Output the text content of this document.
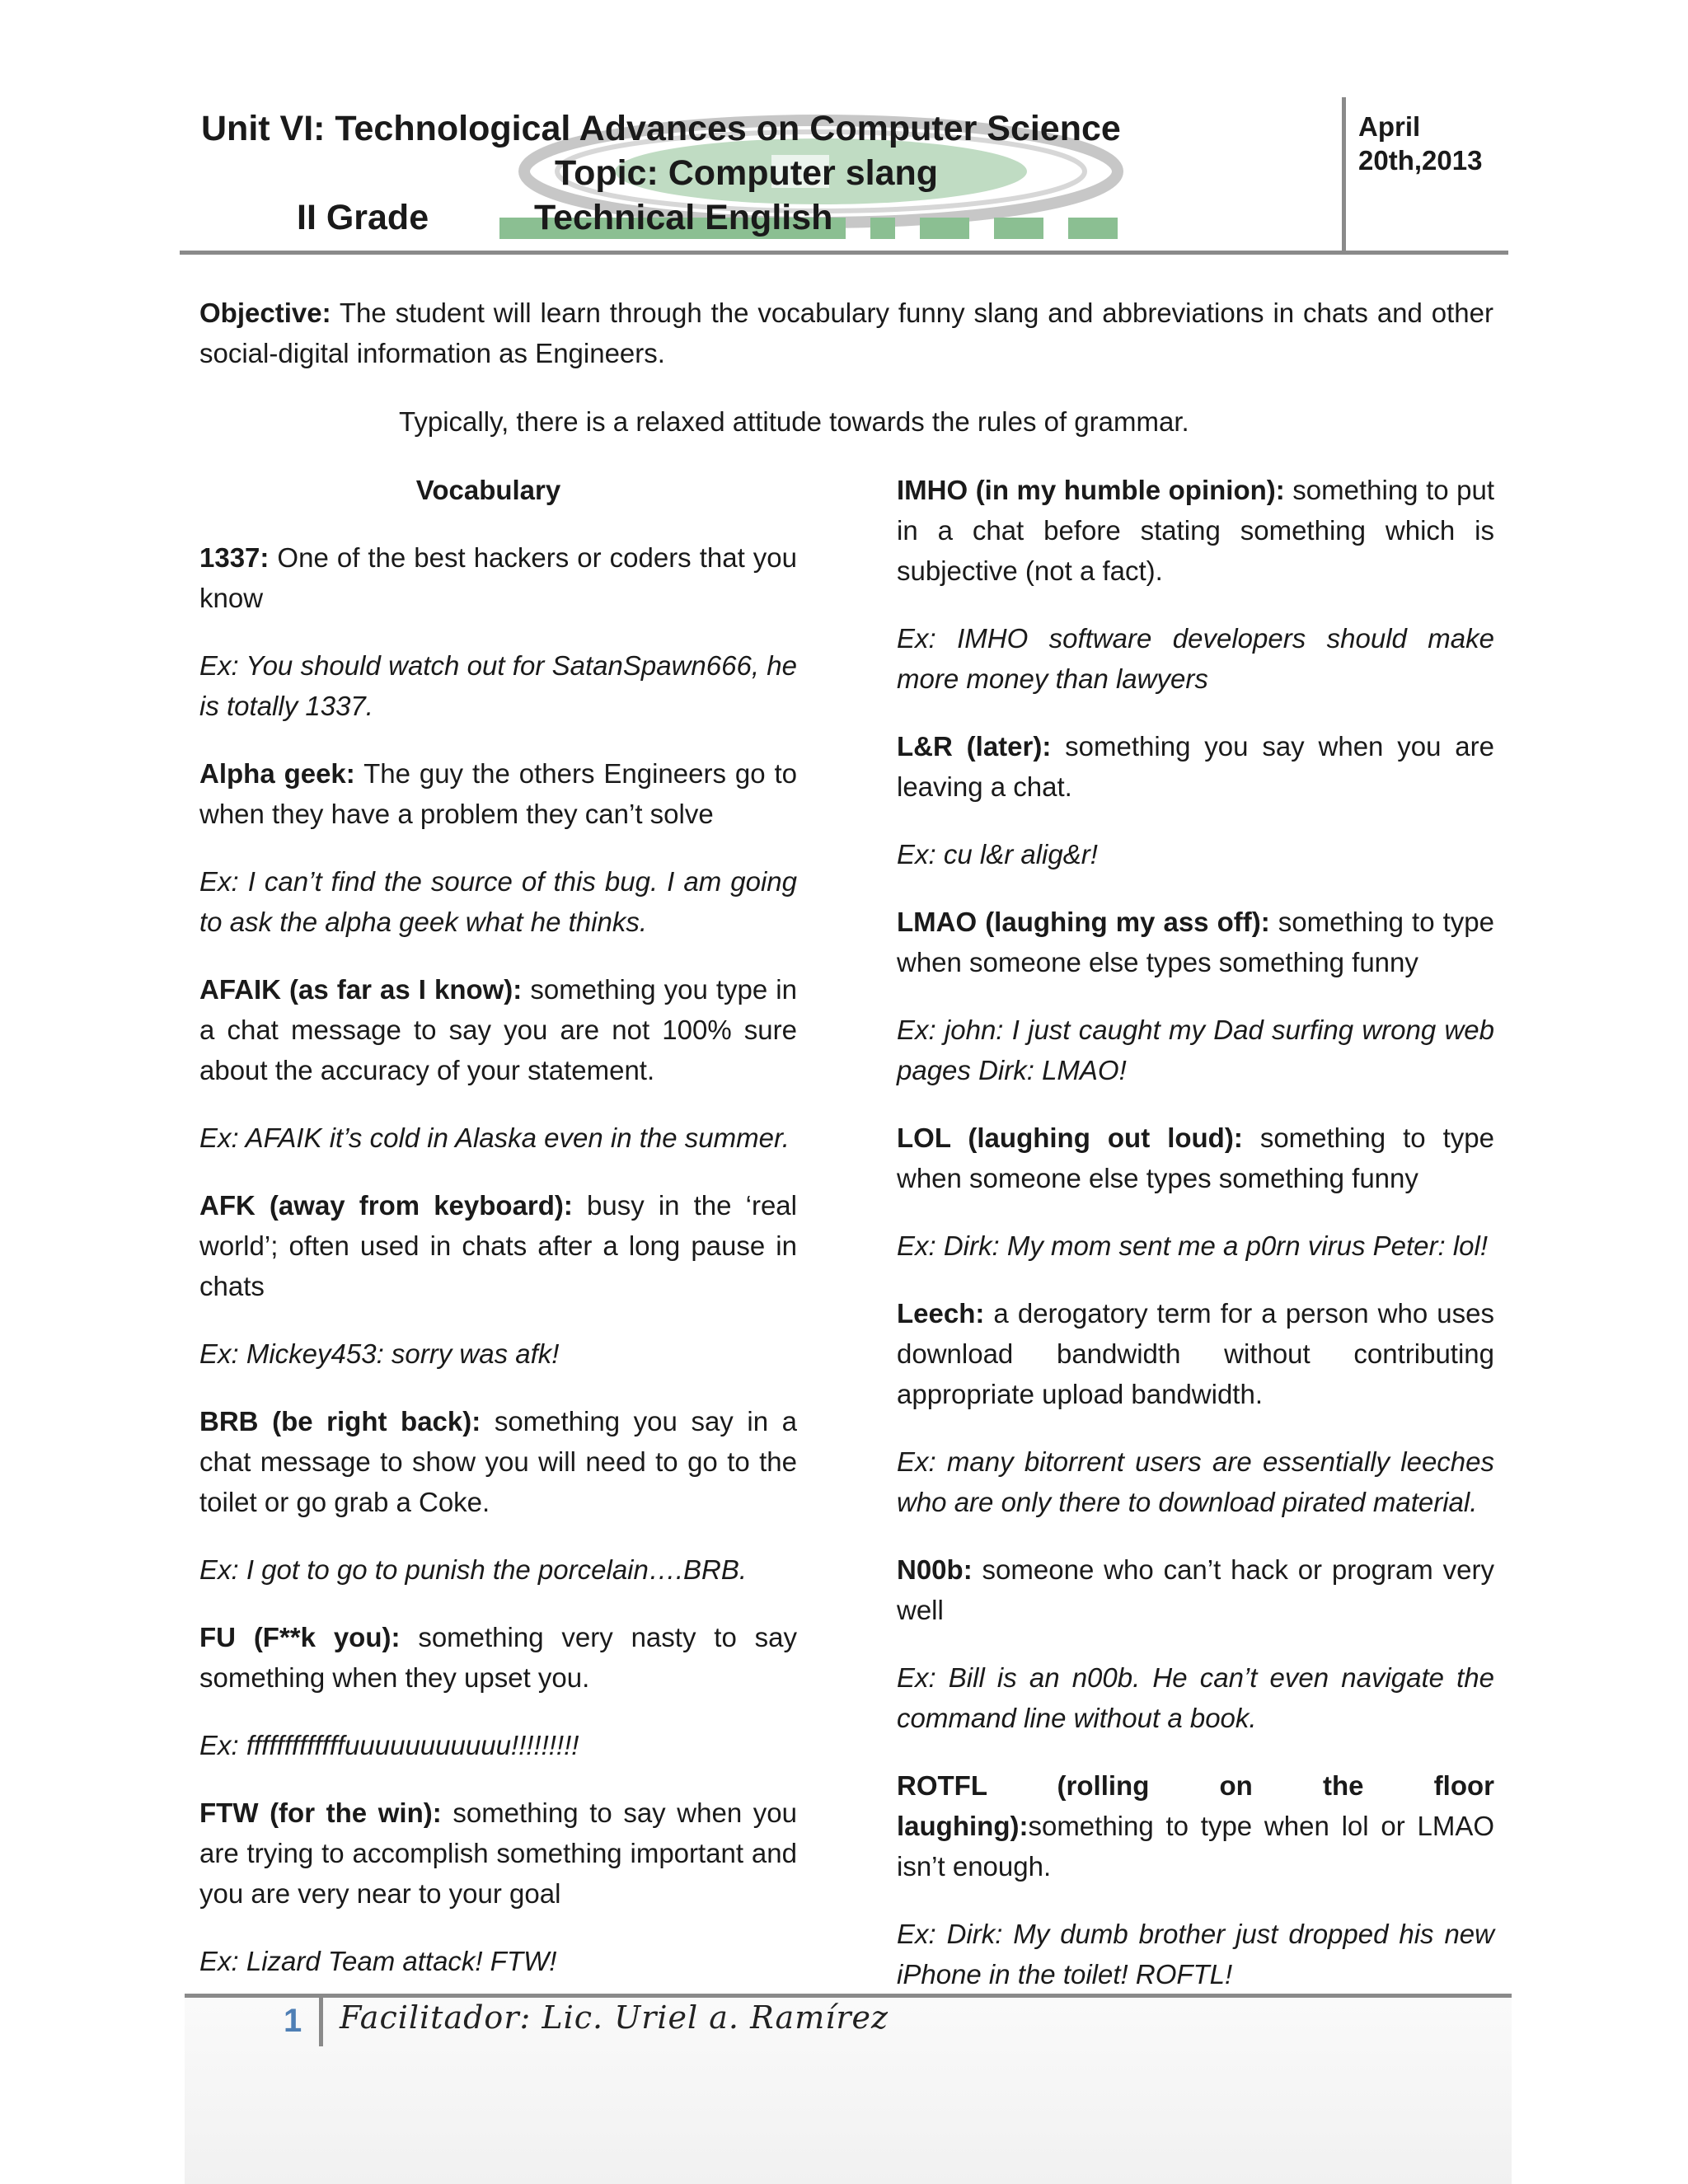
Unit VI: Technological Advances on Computer Science
Topic: Computer slang
II Grade	Technical English
April
20th,2013
Objective: The student will learn through the vocabulary funny slang and abbreviations in chats and other social-digital information as Engineers.
Typically, there is a relaxed attitude towards the rules of grammar.

Vocabulary

1337: One of the best hackers or coders that you know

Ex: You should watch out for SatanSpawn666, he is totally 1337.

Alpha geek: The guy the others Engineers go to when they have a problem they can’t solve

Ex: I can’t find the source of this bug. I am going to ask the alpha geek what he thinks.

AFAIK (as far as I know): something you type in a chat message to say you are not 100% sure about the accuracy of your statement.

Ex: AFAIK it’s cold in Alaska even in the summer.

AFK (away from keyboard): busy in the ‘real world’; often used in chats after a long pause in chats

Ex: Mickey453: sorry was afk!

BRB (be right back): something you say in a chat message to show you will need to go to the toilet or go grab a Coke.

Ex: I got to go to punish the porcelain….BRB.

FU (F**k you): something very nasty to say something when they upset you.

Ex: fffffffffffffuuuuuuuuuuu!!!!!!!!!

FTW (for the win): something to say when you are trying to accomplish something important and you are very near to your goal

Ex: Lizard Team attack! FTW!

IMHO (in my humble opinion): something to put in a chat before stating something which is subjective (not a fact).

Ex: IMHO software developers should make more money than lawyers

L&R (later): something you say when you are leaving a chat.

Ex: cu l&r alig&r!

LMAO (laughing my ass off): something to type when someone else types something funny

Ex: john: I just caught my Dad surfing wrong web pages Dirk: LMAO!

LOL (laughing out loud): something to type when someone else types something funny

Ex: Dirk: My mom sent me a p0rn virus Peter: lol!

Leech: a derogatory term for a person who uses download bandwidth without contributing appropriate upload bandwidth.

Ex: many bitorrent users are essentially leeches who are only there to download pirated material.

N00b: someone who can’t hack or program very well

Ex: Bill is an n00b. He can’t even navigate the command line without a book.

ROTFL (rolling on the floor laughing):something to type when lol or LMAO isn’t enough.

Ex: Dirk: My dumb brother just dropped his new iPhone in the toilet! ROFTL!

1 Facilitador: Lic. Uriel a. Ramírez
